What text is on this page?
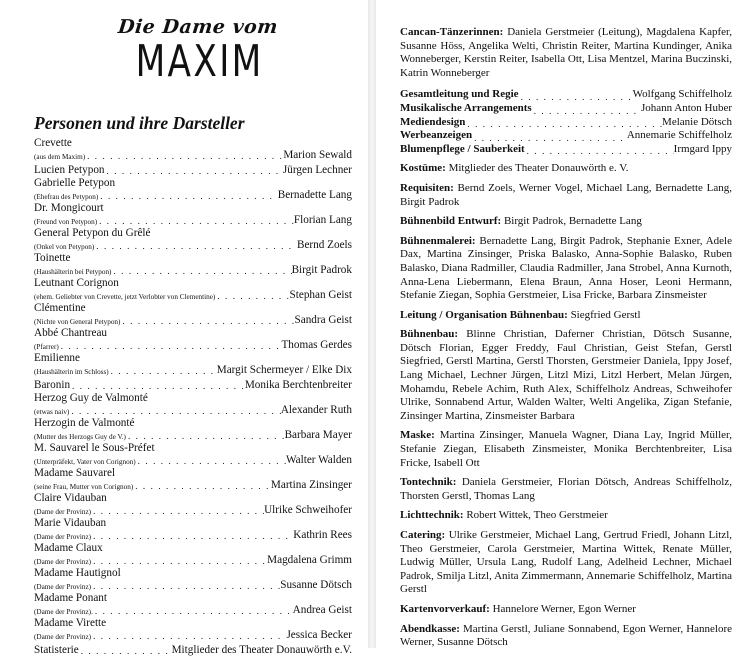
Die Dame vom
MAXIM
Personen und ihre Darsteller
Crevette
(aus dem Maxim) . . .	Marion Sewald
Lucien Petypon . . .	Jürgen Lechner
Gabrielle Petypon
(Ehefrau des Petypon) . . .	Bernadette Lang
Dr. Mongicourt
(Freund von Petypon) . . .	Florian Lang
General Petypon du Grêlé
(Onkel von Petypon) . . .	Bernd Zoels
Toinette
(Haushälterin bei Petypon) . . .	Birgit Padrok
Leutnant Corignon
(ehem. Geliebter von Crevette, jetzt Verlobter von Clementine) . . .	Stephan Geist
Clémentine
(Nichte von General Petypon) . . .	Sandra Geist
Abbé Chantreau
(Pfarrer) . . .	Thomas Gerdes
Emilienne
(Haushälterin im Schloss) . . .	Margit Schermeyer / Elke Dix
Baronin . . .	Monika Berchtenbreiter
Herzog Guy de Valmonté
(etwas naiv) . . .	Alexander Ruth
Herzogin de Valmonté
(Mutter des Herzogs Guy de V.) . . .	Barbara Mayer
M. Sauvarel le Sous-Préfet
(Unterpräfekt, Vater von Corignon) . . .	Walter Walden
Madame Sauvarel
(seine Frau, Mutter von Corignon) . . .	Martina Zinsinger
Claire Vidauban
(Dame der Provinz) . . .	Ulrike Schweihofer
Marie Vidauban
(Dame der Provinz) . . .	Kathrin Rees
Madame Claux
(Dame der Provinz) . . .	Magdalena Grimm
Madame Hautignol
(Dame der Provinz) . . .	Susanne Dötsch
Madame Ponant
(Dame der Provinz). . . .	Andrea Geist
Madame Virette
(Dame der Provinz) . . .	Jessica Becker
Statisterie . . .	Mitglieder des Theater Donauwörth e.V.

Cancan-Tänzerinnen: Daniela Gerstmeier (Leitung), Magdalena Kapfer, Susanne Höss, Angelika Welti, Christin Reiter, Martina Kundinger, Anika Wonneberger, Kerstin Reiter, Isabella Ott, Lisa Mentzel, Marina Buczinski, Katrin Wonneberger

Gesamtleitung und Regie . . .	Wolfgang Schiffelholz
Musikalische Arrangements . . .	Johann Anton Huber
Mediendesign . . .	Melanie Dötsch
Werbeanzeigen . . .	Annemarie Schiffelholz
Blumenpflege / Sauberkeit . . .	Irmgard Ippy

Kostüme: Mitglieder des Theater Donauwörth e. V.

Requisiten: Bernd Zoels, Werner Vogel, Michael Lang, Bernadette Lang, Birgit Padrok

Bühnenbild Entwurf: Birgit Padrok, Bernadette Lang

Bühnenmalerei: Bernadette Lang, Birgit Padrok, Stephanie Exner, Adele Dax, Martina Zinsinger, Priska Balasko, Anna-Sophie Balasko, Ruben Balasko, Diana Radmiller, Claudia Radmiller, Jana Strobel, Anna Kurnoth, Anna-Lena Liebermann, Elena Braun, Anna Hoser, Leoni Hermann, Stefanie Ziegan, Sophia Gerstmeier, Lisa Fricke, Barbara Zinsmeister

Leitung / Organisation Bühnenbau: Siegfried Gerstl

Bühnenbau: Blinne Christian, Daferner Christian, Dötsch Susanne, Dötsch Florian, Egger Freddy, Faul Christian, Geist Stefan, Gerstl Siegfried, Gerstl Martina, Gerstl Thorsten, Gerstmeier Daniela, Ippy Josef, Lang Michael, Lechner Jürgen, Litzl Mizi, Litzl Herbert, Melan Jürgen, Mohamdu, Rebele Achim, Ruth Alex, Schiffelholz Andreas, Schweihofer Ulrike, Sonnabend Artur, Walden Walter, Welti Angelika, Zigan Stefanie, Zinsinger Martina, Zinsmeister Barbara

Maske: Martina Zinsinger, Manuela Wagner, Diana Lay, Ingrid Müller, Stefanie Ziegan, Elisabeth Zinsmeister, Monika Berchtenbreiter, Lisa Fricke, Isabell Ott

Tontechnik: Daniela Gerstmeier, Florian Dötsch, Andreas Schiffelholz, Thorsten Gerstl, Thomas Lang

Lichttechnik: Robert Wittek, Theo Gerstmeier

Catering: Ulrike Gerstmeier, Michael Lang, Gertrud Friedl, Johann Litzl, Theo Gerstmeier, Carola Gerstmeier, Martina Wittek, Renate Müller, Ludwig Müller, Ursula Lang, Rudolf Lang, Adelheid Lechner, Michael Padrok, Smilja Litzl, Anita Zimmermann, Annemarie Schiffelholz, Martina Gerstl

Kartenvorverkauf: Hannelore Werner, Egon Werner

Abendkasse: Martina Gerstl, Juliane Sonnabend, Egon Werner, Hannelore Werner, Susanne Dötsch
